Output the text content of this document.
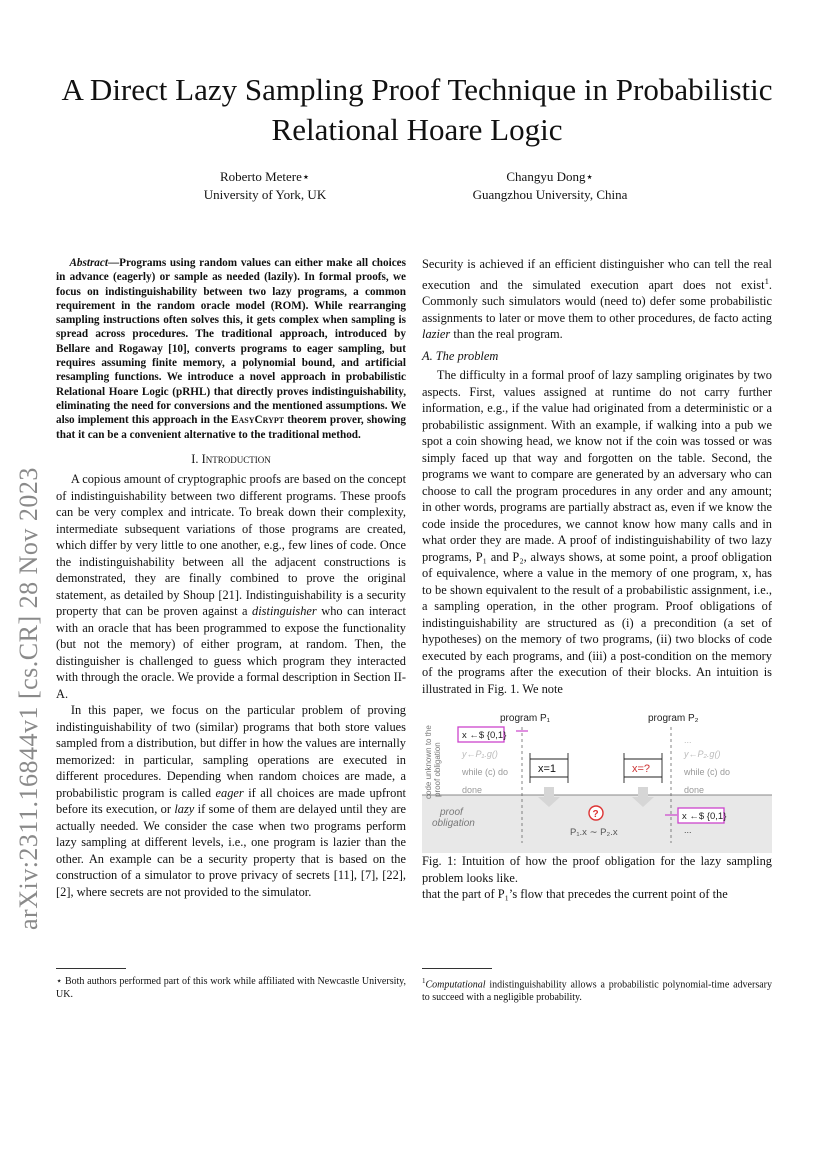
arXiv:2311.16844v1 [cs.CR] 28 Nov 2023
A Direct Lazy Sampling Proof Technique in Probabilistic Relational Hoare Logic
Roberto Metere⋆
University of York, UK
Changyu Dong⋆
Guangzhou University, China

Abstract—Programs using random values can either make all choices in advance (eagerly) or sample as needed (lazily). In formal proofs, we focus on indistinguishability between two lazy programs, a common requirement in the random oracle model (ROM). While rearranging sampling instructions often solves this, it gets complex when sampling is spread across procedures. The traditional approach, introduced by Bellare and Rogaway [10], converts programs to eager sampling, but requires assuming finite memory, a polynomial bound, and artificial resampling functions. We introduce a novel approach in probabilistic Relational Hoare Logic (pRHL) that directly proves indistinguishability, eliminating the need for conversions and the mentioned assumptions. We also implement this approach in the EasyCrypt theorem prover, showing that it can be a convenient alternative to the traditional method.

I. Introduction

A copious amount of cryptographic proofs are based on the concept of indistinguishability between two different programs. These proofs can be very complex and intricate. To break down their complexity, intermediate subsequent variations of those programs are created, which differ by very little to one another, e.g., few lines of code. Once the indistinguishability between all the adjacent constructions is demonstrated, they are finally combined to prove the original statement, as detailed by Shoup [21]. Indistinguishability is a security property that can be proven against a distinguisher who can interact with an oracle that has been programmed to expose the functionality (but not the memory) of either program, at random. Then, the distinguisher is challenged to guess which program they interacted with through the oracle. We provide a formal description in Section II-A.

In this paper, we focus on the particular problem of proving indistinguishability of two (similar) programs that both store values sampled from a distribution, but differ in how the values are internally memorized: in particular, sampling operations are executed in different procedures. Depending when random choices are made, a probabilistic program is called eager if all choices are made upfront before its execution, or lazy if some of them are delayed until they are actually needed. We consider the case when two programs perform lazy sampling at different levels, i.e., one program is lazier than the other. An example can be a security property that is based on the construction of a simulator to prove privacy of secrets [11], [7], [22], [2], where secrets are not provided to the simulator.

Security is achieved if an efficient distinguisher who can tell the real execution and the simulated execution apart does not exist$^1$. Commonly such simulators would (need to) defer some probabilistic assignments to later or move them to other procedures, de facto acting lazier than the real program.

A. The problem

The difficulty in a formal proof of lazy sampling originates by two aspects. First, values assigned at runtime do not carry further information, e.g., if the value had originated from a deterministic or a probabilistic assignment. With an example, if walking into a pub we spot a coin showing head, we know not if the coin was tossed or was simply faced up that way and forgotten on the table. Second, the programs we want to compare are generated by an adversary who can choose to call the program procedures in any order and any amount; in other words, programs are partially abstract as, even if we know the code inside the procedures, we cannot know how many calls and in what order they are made. A proof of indistinguishability of two lazy programs, P₁ and P₂, always shows, at some point, a proof obligation of equivalence, where a value in the memory of one program, x, has to be shown equivalent to the result of a probabilistic assignment, i.e., a sampling operation, in the other program. Proof obligations of indistinguishability are structured as (i) a precondition (a set of hypotheses) on the memory of two programs, (ii) two blocks of code executed by each programs, and (iii) a post-condition on the memory of the programs after the execution of their blocks. An intuition is illustrated in Fig. 1. We note

program P₁	program P₂
code unknown to the proof obligation
x ←$ {0,1}
y←P₁.g()
while (c) do
done
x=1	x=?
...
y←P₂.g()
while (c) do
done
proof
obligation
?
P₁.x ∼ P₂.x
x ←$ {0,1}
...

Fig. 1: Intuition of how the proof obligation for the lazy sampling problem looks like.

that the part of P₁’s flow that precedes the current point of the

⋆ Both authors performed part of this work while affiliated with Newcastle University, UK.
$^1$Computational indistinguishability allows a probabilistic polynomial-time adversary to succeed with a negligible probability.
